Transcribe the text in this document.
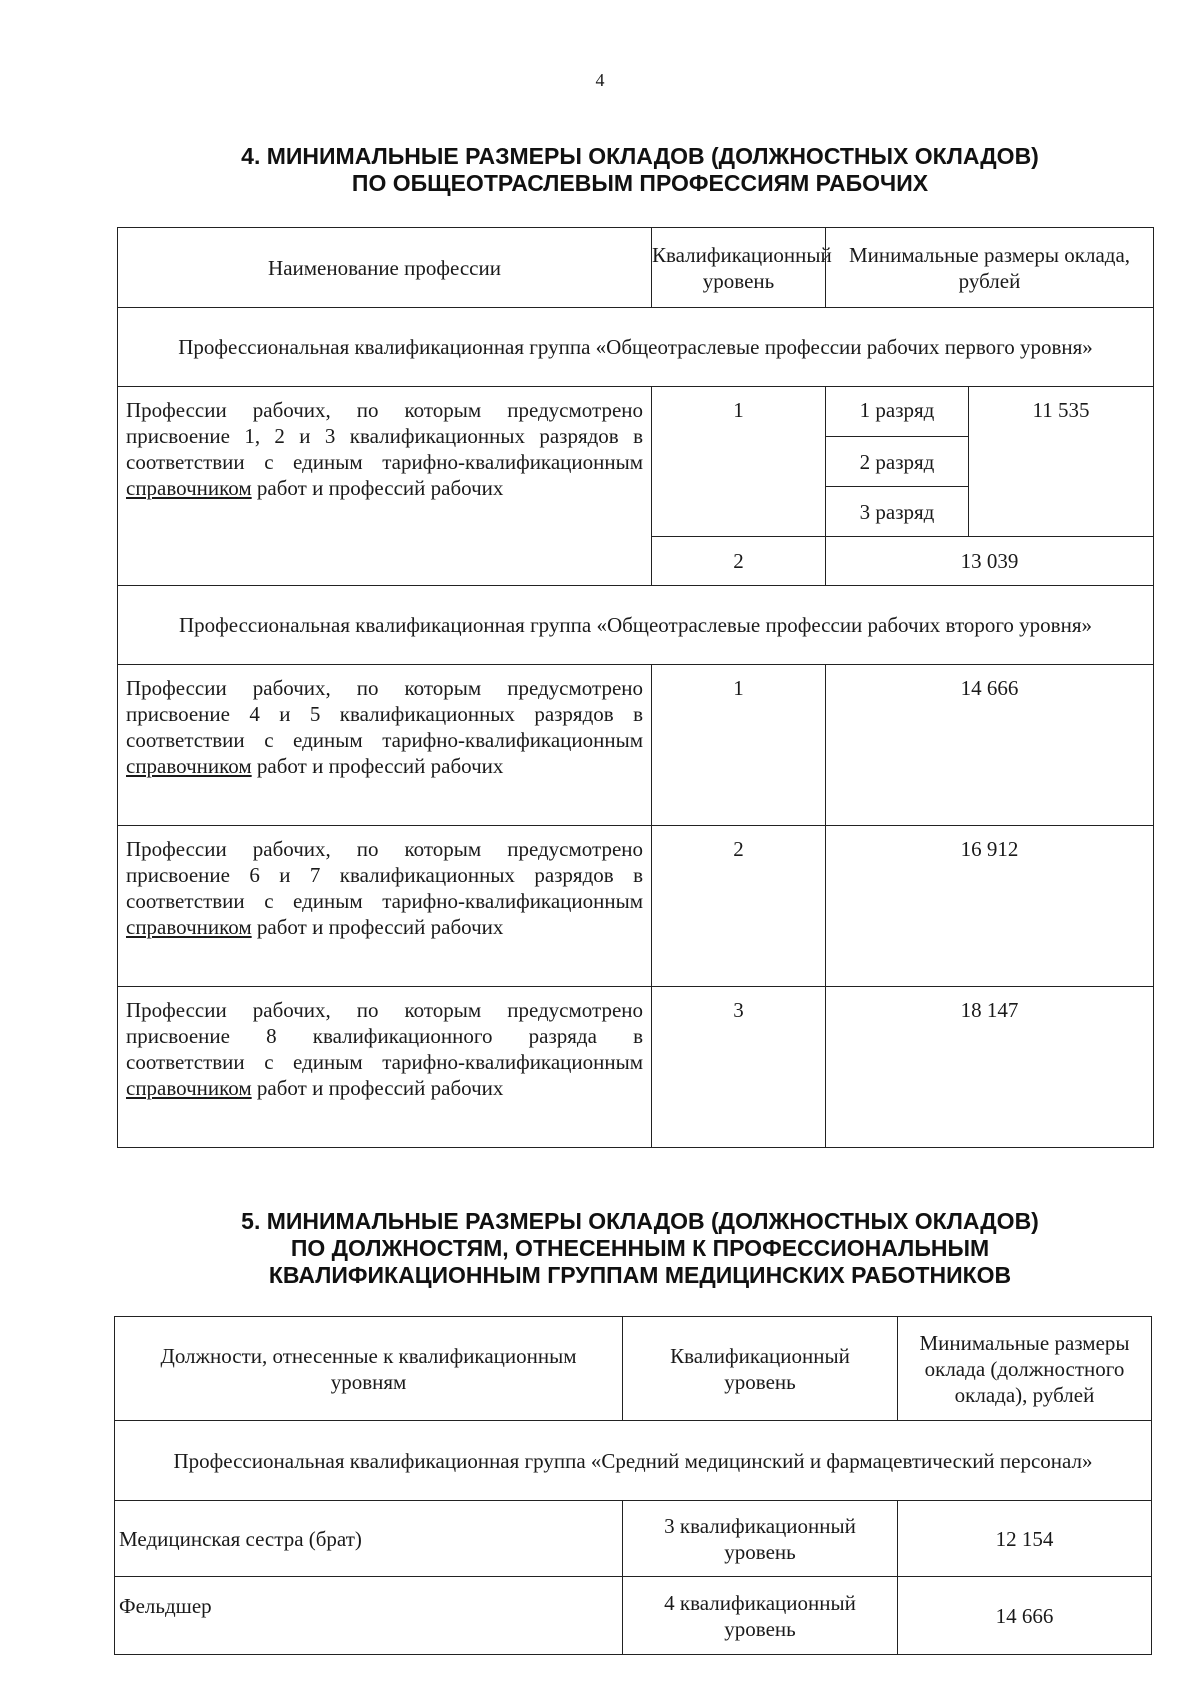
4
4. МИНИМАЛЬНЫЕ РАЗМЕРЫ ОКЛАДОВ (ДОЛЖНОСТНЫХ ОКЛАДОВ)
ПО ОБЩЕОТРАСЛЕВЫМ ПРОФЕССИЯМ РАБОЧИХ
Наименование профессии	Квалификационный уровень	Минимальные размеры оклада, рублей	
Профессиональная квалификационная группа «Общеотраслевые профессии рабочих первого уровня»			
Профессии рабочих, по которым предусмотрено присвоение 1, 2 и 3 квалификационных разрядов в соответствии с единым тарифно-квалификационным справочником работ и профессий рабочих	1	1 разряд	11 535
		2 разряд	
		3 разряд	
	2	13 039	
Профессиональная квалификационная группа «Общеотраслевые профессии рабочих второго уровня»			
Профессии рабочих, по которым предусмотрено присвоение 4 и 5 квалификационных разрядов в соответствии с единым тарифно-квалификационным справочником работ и профессий рабочих	1	14 666	
Профессии рабочих, по которым предусмотрено присвоение 6 и 7 квалификационных разрядов в соответствии с единым тарифно-квалификационным справочником работ и профессий рабочих	2	16 912	
Профессии рабочих, по которым предусмотрено присвоение 8 квалификационного разряда в соответствии с единым тарифно-квалификационным справочником работ и профессий рабочих	3	18 147	
5. МИНИМАЛЬНЫЕ РАЗМЕРЫ ОКЛАДОВ (ДОЛЖНОСТНЫХ ОКЛАДОВ)
ПО ДОЛЖНОСТЯМ, ОТНЕСЕННЫМ К ПРОФЕССИОНАЛЬНЫМ
КВАЛИФИКАЦИОННЫМ ГРУППАМ МЕДИЦИНСКИХ РАБОТНИКОВ
Должности, отнесенные к квалификационным уровням	Квалификационный уровень	Минимальные размеры оклада (должностного оклада), рублей
Профессиональная квалификационная группа «Средний медицинский и фармацевтический персонал»		
Медицинская сестра (брат)	3 квалификационный уровень	12 154
Фельдшер	4 квалификационный уровень	14 666
